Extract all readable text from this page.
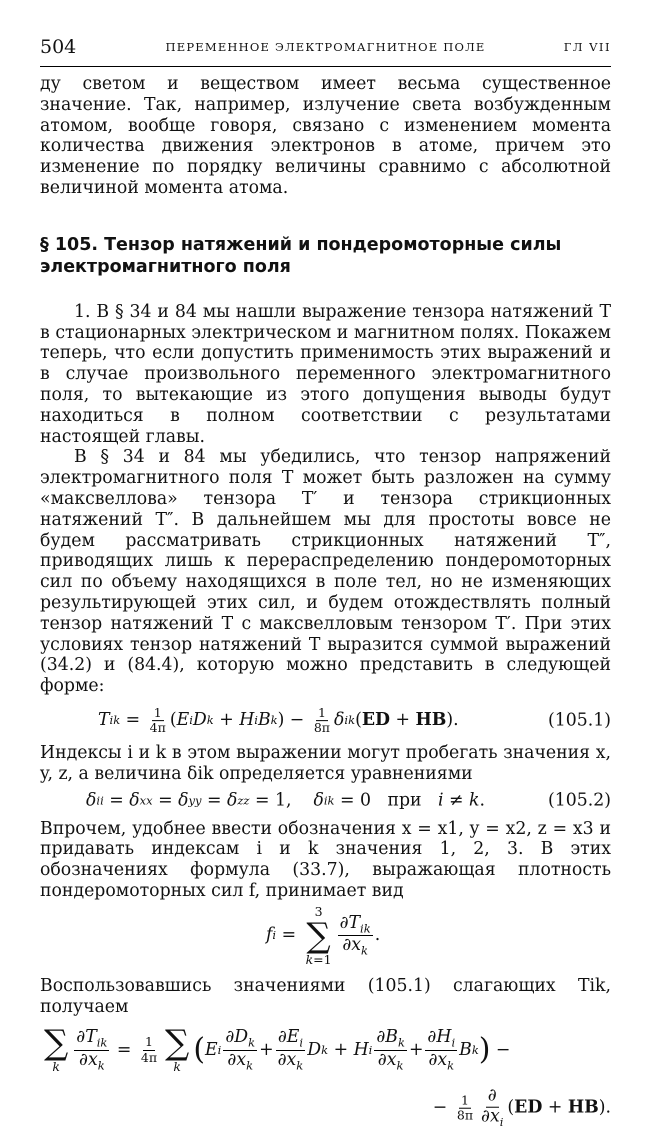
504	ПЕРЕМЕННОЕ ЭЛЕКТРОМАГНИТНОЕ ПОЛЕ	ГЛ VII

ду светом и веществом имеет весьма существенное значение. Так, например, излучение света возбужденным атомом, вообще говоря, связано с изменением момента количества движения электронов в атоме, причем это изменение по порядку величины сравнимо с абсолютной величиной момента атома.

§ 105. Тензор натяжений и пондеромоторные силы электромагнитного поля

1. В § 34 и 84 мы нашли выражение тензора натяжений T в стационарных электрическом и магнитном полях. Покажем теперь, что если допустить применимость этих выражений и в случае произвольного переменного электромагнитного поля, то вытекающие из этого допущения выводы будут находиться в полном соответствии с результатами настоящей главы.

В § 34 и 84 мы убедились, что тензор напряжений электромагнитного поля T может быть разложен на сумму «максвеллова» тензора T′ и тензора стрикционных натяжений T″. В дальнейшем мы для простоты вовсе не будем рассматривать стрикционных натяжений T″, приводящих лишь к перераспределению пондеромоторных сил по объему находящихся в поле тел, но не изменяющих результирующей этих сил, и будем отождествлять полный тензор натяжений T с максвелловым тензором T′. При этих условиях тензор натяжений T выразится суммой выражений (34.2) и (84.4), которую можно представить в следующей форме:

T ik = $\frac{1}{4\pi}$ ( E i D k + H i B k ) − $\frac{1}{8\pi}$ δ ik ( ED + HB ).	(105.1)

Индексы i и k в этом выражении могут пробегать значения x, y, z, а величина δik определяется уравнениями

δ ii = δ xx = δ yy = δ zz = 1, δ ik = 0 при
i ≠ k .	(105.2)

Впрочем, удобнее ввести обозначения x = x1, y = x2, z = x3 и придавать индексам i и k значения 1, 2, 3. В этих обозначениях формула (33.7), выражающая плотность пондеромоторных сил f, принимает вид

f i =
3
∑
k=1
$\frac{\partial T_{ik}}{\partial x_k}$ .

Воспользовавшись значениями (105.1) слагающих Tik, получаем

∑
k $\frac{\partial T_{ik}}{\partial x_k} = \frac{1}{4\pi}$ ∑
k ( E i $\frac{\partial D_k}{\partial x_k} + \frac{\partial E_i}{\partial x_k}$ D k + H i $\frac{\partial B_k}{\partial x_k} + \frac{\partial H_i}{\partial x_k}$ B k ) −
− $\frac{1}{8\pi} \frac{\partial}{\partial x_i}$ ( ED + HB ).
